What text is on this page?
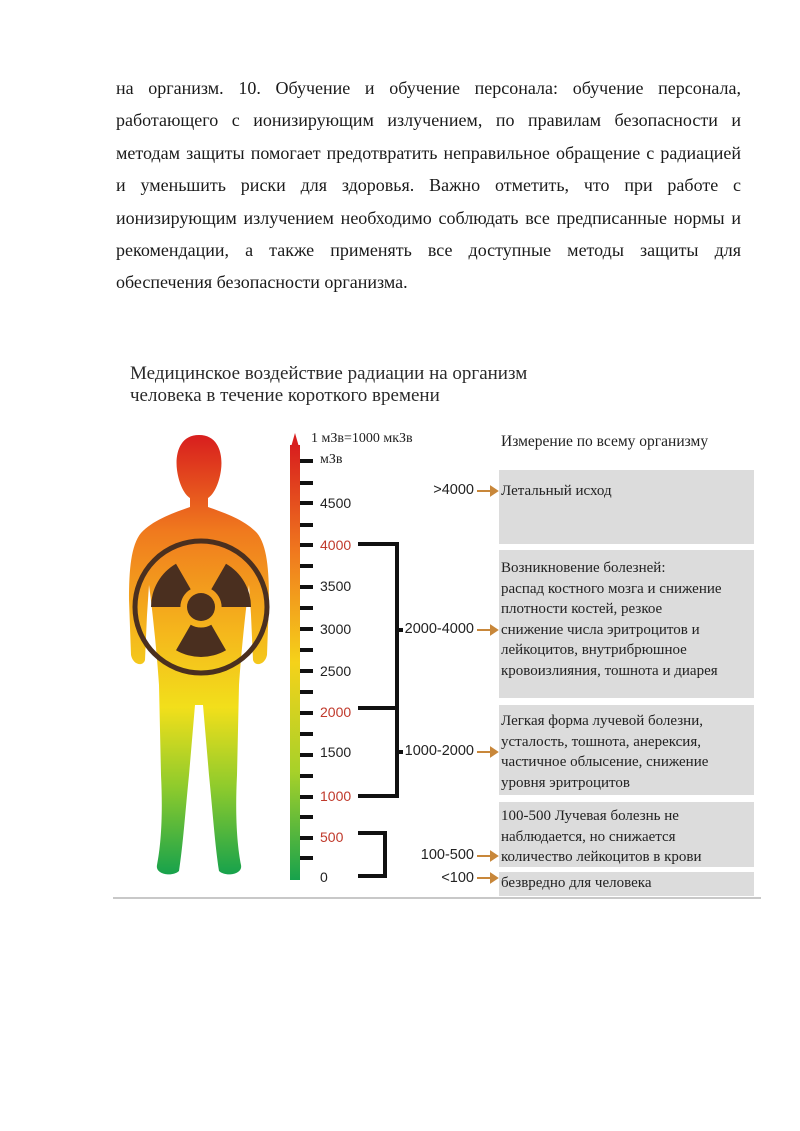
на организм. 10. Обучение и обучение персонала: обучение персонала, работающего с ионизирующим излучением, по правилам безопасности и методам защиты помогает предотвратить неправильное обращение с радиацией и уменьшить риски для здоровья. Важно отметить, что при работе с ионизирующим излучением необходимо соблюдать все предписанные нормы и рекомендации, а также применять все доступные методы защиты для обеспечения безопасности организма.

Медицинское воздействие радиации на организм
человека в течение короткого времени
1 мЗв=1000 мкЗв
мЗв
4500
4000
3500
3000
2500
2000
1500
1000
500
0
Измерение по всему организму
Летальный исход
Возникновение болезней:
распад костного мозга и снижение
плотности костей, резкое
снижение числа эритроцитов и
лейкоцитов, внутрибрюшное
кровоизлияния, тошнота и диарея
Легкая форма лучевой болезни,
усталость, тошнота, анерексия,
частичное облысение, снижение
уровня эритроцитов
100-500 Лучевая болезнь не
наблюдается, но снижается
количество лейкоцитов в крови
безвредно для человека
>4000
2000-4000
1000-2000
100-500
<100
